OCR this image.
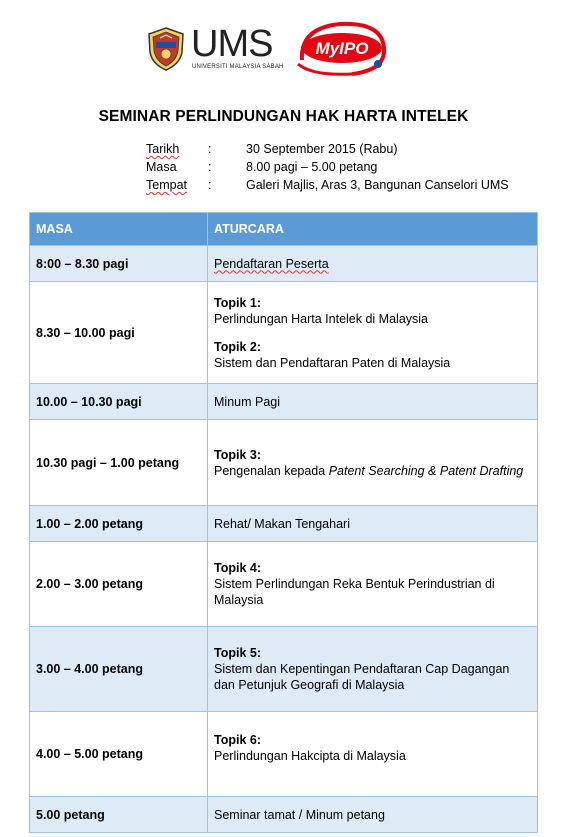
UMS
UNIVERSITI MALAYSIA SABAH
MyIPO
SEMINAR PERLINDUNGAN HAK HARTA INTELEK
Tarikh	:	30 September 2015 (Rabu)
Masa	:	8.00 pagi – 5.00 petang
Tempat	:	Galeri Majlis, Aras 3, Bangunan Canselori UMS
MASA	ATURCARA
8:00 – 8.30 pagi	Pendaftaran Peserta
8.30 – 10.00 pagi	Topik 1:
Perlindungan Harta Intelek di Malaysia
Topik 2:
Sistem dan Pendaftaran Paten di Malaysia

10.00 – 10.30 pagi	Minum Pagi
10.30 pagi – 1.00 petang	Topik 3:
Pengenalan kepada Patent Searching & Patent Drafting

1.00 – 2.00 petang	Rehat/ Makan Tengahari
2.00 – 3.00 petang	Topik 4:
Sistem Perlindungan Reka Bentuk Perindustrian di Malaysia

3.00 – 4.00 petang	Topik 5:
Sistem dan Kepentingan Pendaftaran Cap Dagangan dan Petunjuk Geografi di Malaysia

4.00 – 5.00 petang	Topik 6:
Perlindungan Hakcipta di Malaysia

5.00 petang	Seminar tamat / Minum petang
